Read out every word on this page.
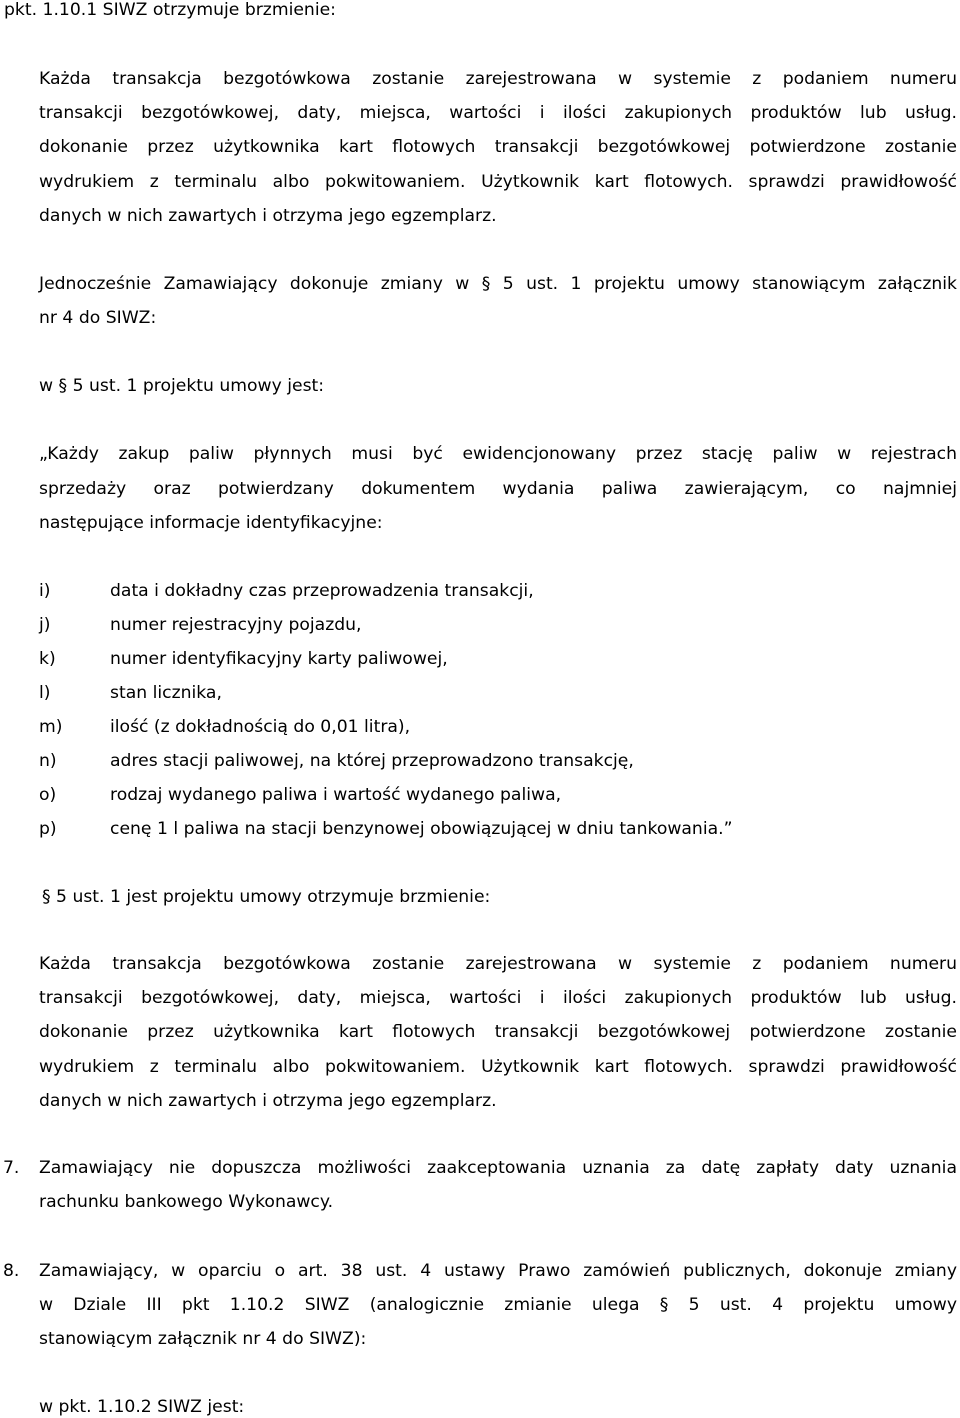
pkt. 1.10.1 SIWZ otrzymuje brzmienie:
Każda transakcja bezgotówkowa zostanie zarejestrowana w systemie z podaniem numeru
transakcji bezgotówkowej, daty, miejsca, wartości i ilości zakupionych produktów lub usług.
dokonanie przez użytkownika kart flotowych transakcji bezgotówkowej potwierdzone zostanie
wydrukiem z terminalu albo pokwitowaniem. Użytkownik kart flotowych. sprawdzi prawidłowość
danych w nich zawartych i otrzyma jego egzemplarz.
Jednocześnie Zamawiający dokonuje zmiany w § 5 ust. 1 projektu umowy stanowiącym załącznik
nr 4 do SIWZ:
w § 5 ust. 1 projektu umowy jest:
„Każdy zakup paliw płynnych musi być ewidencjonowany przez stację paliw w rejestrach
sprzedaży oraz potwierdzany dokumentem wydania paliwa zawierającym, co najmniej
następujące informacje identyfikacyjne:
i)	data i dokładny czas przeprowadzenia transakcji,
j)	numer rejestracyjny pojazdu,
k)	numer identyfikacyjny karty paliwowej,
l)	stan licznika,
m)	ilość (z dokładnością do 0,01 litra),
n)	adres stacji paliwowej, na której przeprowadzono transakcję,
o)	rodzaj wydanego paliwa i wartość wydanego paliwa,
p)	cenę 1 l paliwa na stacji benzynowej obowiązującej w dniu tankowania.”
§ 5 ust. 1 jest projektu umowy otrzymuje brzmienie:
Każda transakcja bezgotówkowa zostanie zarejestrowana w systemie z podaniem numeru
transakcji bezgotówkowej, daty, miejsca, wartości i ilości zakupionych produktów lub usług.
dokonanie przez użytkownika kart flotowych transakcji bezgotówkowej potwierdzone zostanie
wydrukiem z terminalu albo pokwitowaniem. Użytkownik kart flotowych. sprawdzi prawidłowość
danych w nich zawartych i otrzyma jego egzemplarz.
7. Zamawiający nie dopuszcza możliwości zaakceptowania uznania za datę zapłaty daty uznania
rachunku bankowego Wykonawcy.
8. Zamawiający, w oparciu o art. 38 ust. 4 ustawy Prawo zamówień publicznych, dokonuje zmiany
w Dziale III pkt 1.10.2 SIWZ (analogicznie zmianie ulega § 5 ust. 4 projektu umowy
stanowiącym załącznik nr 4 do SIWZ):
w pkt. 1.10.2 SIWZ jest:
